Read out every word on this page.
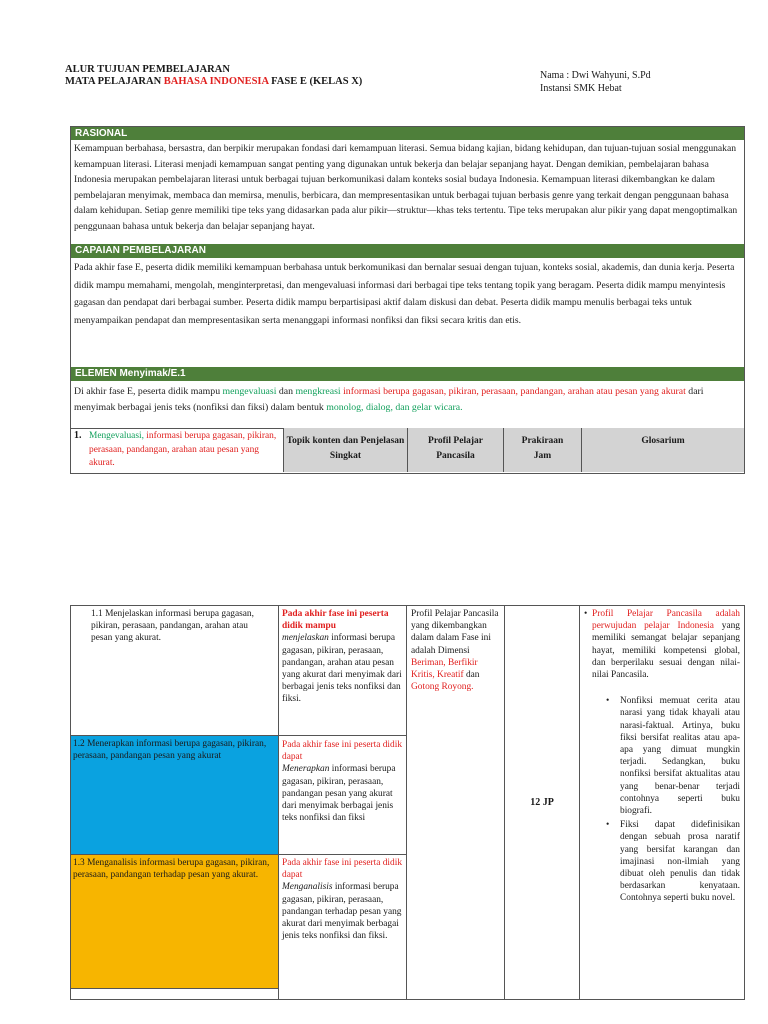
ALUR TUJUAN PEMBELAJARAN
MATA PELAJARAN BAHASA INDONESIA FASE E (KELAS X)
Nama : Dwi Wahyuni, S.Pd
Instansi SMK Hebat
RASIONAL
Kemampuan berbahasa, bersastra, dan berpikir merupakan fondasi dari kemampuan literasi. Semua bidang kajian, bidang kehidupan, dan tujuan-tujuan sosial menggunakan kemampuan literasi. Literasi menjadi kemampuan sangat penting yang digunakan untuk bekerja dan belajar sepanjang hayat. Dengan demikian, pembelajaran bahasa Indonesia merupakan pembelajaran literasi untuk berbagai tujuan berkomunikasi dalam konteks sosial budaya Indonesia. Kemampuan literasi dikembangkan ke dalam pembelajaran menyimak, membaca dan memirsa, menulis, berbicara, dan mempresentasikan untuk berbagai tujuan berbasis genre yang terkait dengan penggunaan bahasa dalam kehidupan. Setiap genre memiliki tipe teks yang didasarkan pada alur pikir—struktur—khas teks tertentu. Tipe teks merupakan alur pikir yang dapat mengoptimalkan penggunaan bahasa untuk bekerja dan belajar sepanjang hayat.
CAPAIAN PEMBELAJARAN
Pada akhir fase E, peserta didik memiliki kemampuan berbahasa untuk berkomunikasi dan bernalar sesuai dengan tujuan, konteks sosial, akademis, dan dunia kerja. Peserta didik mampu memahami, mengolah, menginterpretasi, dan mengevaluasi informasi dari berbagai tipe teks tentang topik yang beragam. Peserta didik mampu menyintesis gagasan dan pendapat dari berbagai sumber. Peserta didik mampu berpartisipasi aktif dalam diskusi dan debat. Peserta didik mampu menulis berbagai teks untuk menyampaikan pendapat dan mempresentasikan serta menanggapi informasi nonfiksi dan fiksi secara kritis dan etis.
ELEMEN Menyimak/E.1
Di akhir fase E, peserta didik mampu mengevaluasi dan mengkreasi informasi berupa gagasan, pikiran, perasaan, pandangan, arahan atau pesan yang akurat dari menyimak berbagai jenis teks (nonfiksi dan fiksi) dalam bentuk monolog, dialog, dan gelar wicara.
1. Mengevaluasi, informasi berupa gagasan, pikiran, perasaan, pandangan, arahan atau pesan yang akurat.
Topik konten dan Penjelasan Singkat
Profil Pelajar Pancasila
Prakiraan Jam
Glosarium
1.1 Menjelaskan informasi berupa gagasan, pikiran, perasaan, pandangan, arahan atau pesan yang akurat.
Pada akhir fase ini peserta didik mampu
menjelaskan informasi berupa gagasan, pikiran, perasaan, pandangan, arahan atau pesan yang akurat dari menyimak dari berbagai jenis teks nonfiksi dan fiksi.
1.2 Menerapkan informasi berupa gagasan, pikiran, perasaan, pandangan pesan yang akurat
Pada akhir fase ini peserta didik dapat
Menerapkan informasi berupa gagasan, pikiran, perasaan, pandangan pesan yang akurat dari menyimak berbagai jenis teks nonfiksi dan fiksi
1.3 Menganalisis informasi berupa gagasan, pikiran, perasaan, pandangan terhadap pesan yang akurat.
Pada akhir fase ini peserta didik dapat
Menganalisis informasi berupa gagasan, pikiran, perasaan, pandangan terhadap pesan yang akurat dari menyimak berbagai jenis teks nonfiksi dan fiksi.
Profil Pelajar Pancasila yang dikembangkan dalam dalam Fase ini adalah Dimensi Beriman, Berfikir Kritis, Kreatif dan Gotong Royong.
12 JP
• Profil Pelajar Pancasila adalah perwujudan pelajar Indonesia yang memiliki semangat belajar sepanjang hayat, memiliki kompetensi global, dan berperilaku sesuai dengan nilai-nilai Pancasila.
• Nonfiksi memuat cerita atau narasi yang tidak khayali atau narasi-faktual. Artinya, buku fiksi bersifat realitas atau apa-apa yang dimuat mungkin terjadi. Sedangkan, buku nonfiksi bersifat aktualitas atau yang benar-benar terjadi contohnya seperti buku biografi.
• Fiksi dapat didefinisikan dengan sebuah prosa naratif yang bersifat karangan dan imajinasi non-ilmiah yang dibuat oleh penulis dan tidak berdasarkan kenyataan. Contohnya seperti buku novel.
